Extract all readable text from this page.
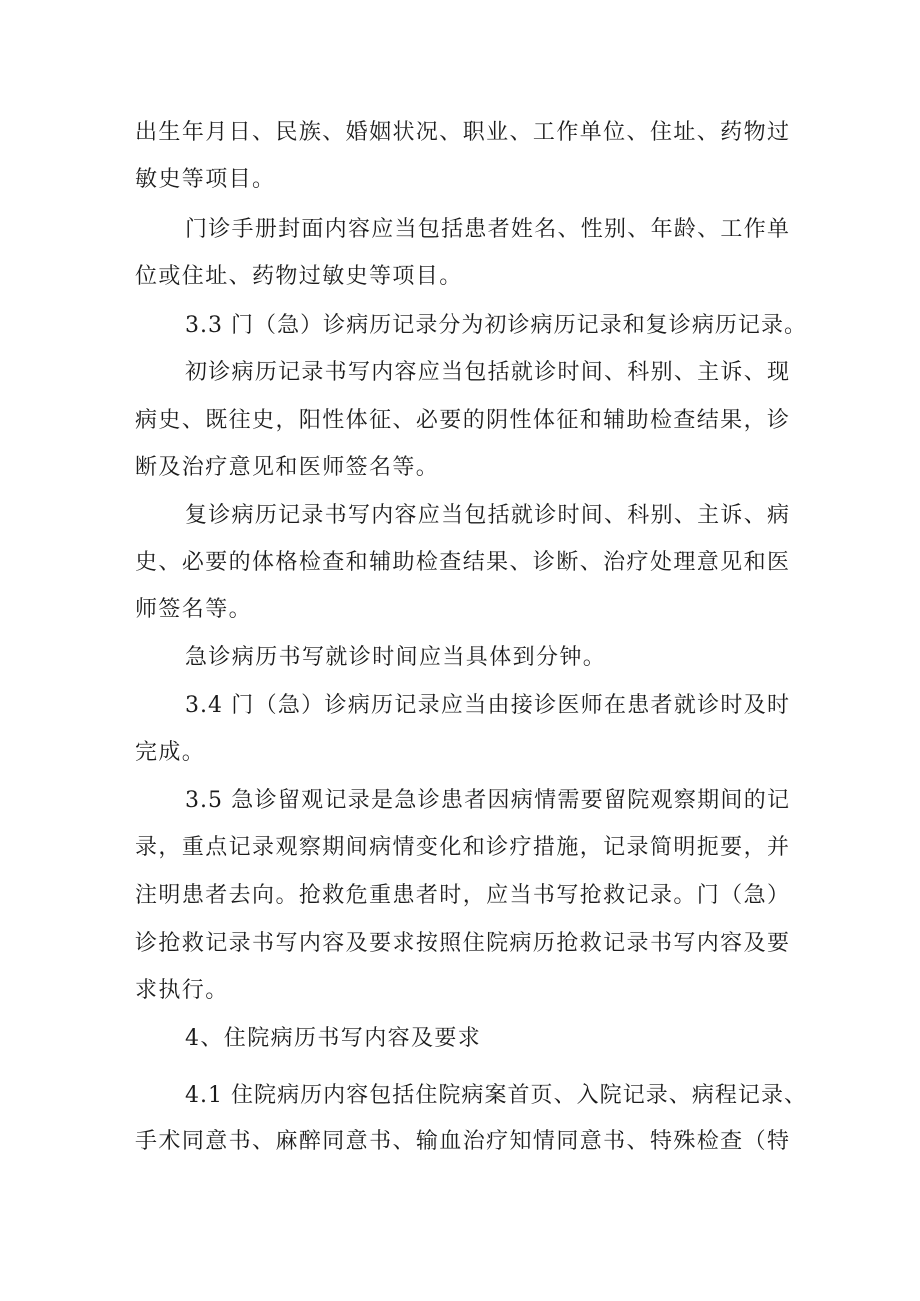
出生年月日、民族、婚姻状况、职业、工作单位、住址、药物过
敏史等项目。
门诊手册封面内容应当包括患者姓名、性别、年龄、工作单
位或住址、药物过敏史等项目。
3.3 门（急）诊病历记录分为初诊病历记录和复诊病历记录。
初诊病历记录书写内容应当包括就诊时间、科别、主诉、现
病史、既往史，阳性体征、必要的阴性体征和辅助检查结果，诊
断及治疗意见和医师签名等。
复诊病历记录书写内容应当包括就诊时间、科别、主诉、病
史、必要的体格检查和辅助检查结果、诊断、治疗处理意见和医
师签名等。
急诊病历书写就诊时间应当具体到分钟。
3.4 门（急）诊病历记录应当由接诊医师在患者就诊时及时
完成。
3.5 急诊留观记录是急诊患者因病情需要留院观察期间的记
录，重点记录观察期间病情变化和诊疗措施，记录简明扼要，并
注明患者去向。抢救危重患者时，应当书写抢救记录。门（急）
诊抢救记录书写内容及要求按照住院病历抢救记录书写内容及要
求执行。
4、住院病历书写内容及要求
4.1 住院病历内容包括住院病案首页、入院记录、病程记录、
手术同意书、麻醉同意书、输血治疗知情同意书、特殊检查（特
